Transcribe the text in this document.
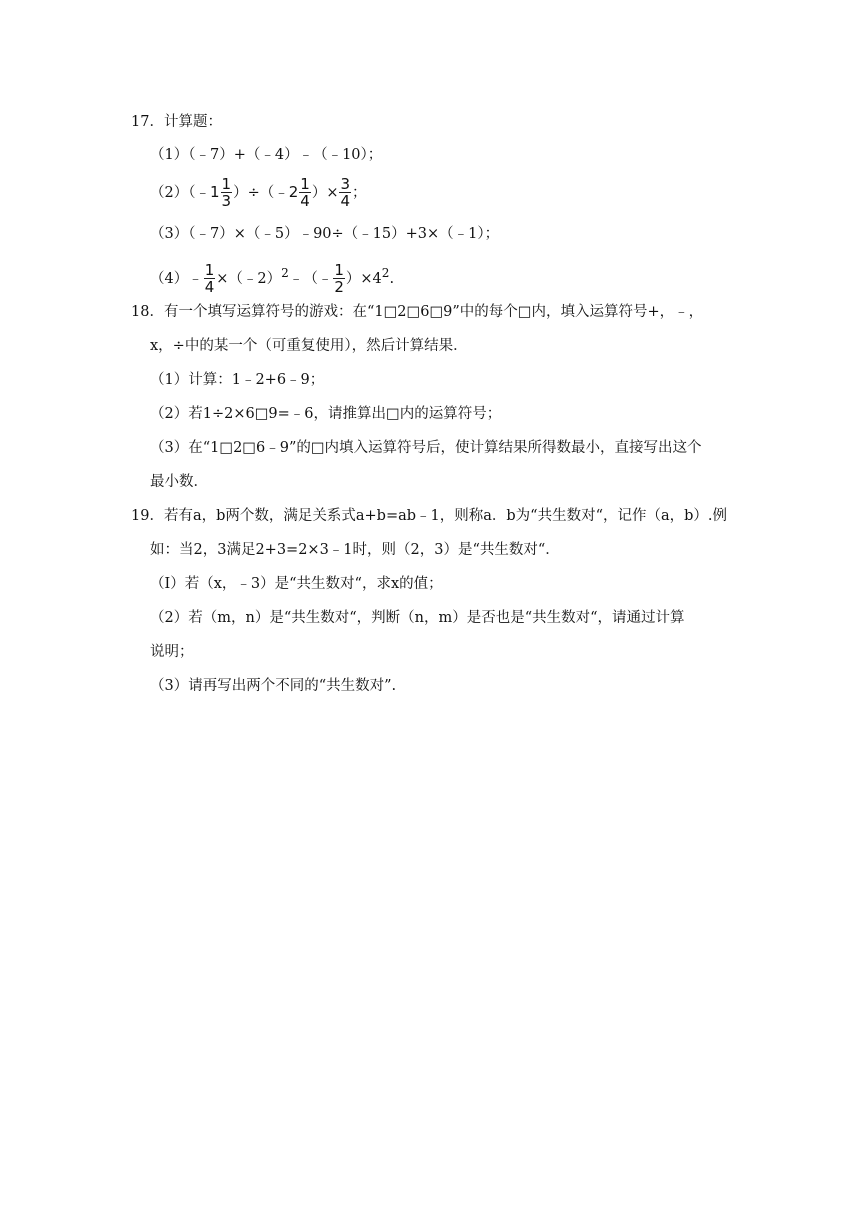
17．计算题：
（1）（﹣7）+（﹣4）﹣（﹣10）；
（2）（﹣1 $\frac{1}{3}$ ）÷（﹣2 $\frac{1}{4}$ ）× $\frac{3}{4}$ ；
（3）（﹣7）×（﹣5）﹣90÷（﹣15）+3×（﹣1）；
（4）﹣ $\frac{1}{4}$ ×（﹣2）$^2$﹣（﹣ $\frac{1}{2} )\times 4^2$.
18．有一个填写运算符号的游戏：在“1□2□6□9”中的每个□内，填入运算符号+，﹣，
x，÷中的某一个（可重复使用），然后计算结果．
（1）计算：1﹣2+6﹣9；
（2）若1÷2×6□9=﹣6，请推算出□内的运算符号；
（3）在“1□2□6﹣9”的□内填入运算符号后，使计算结果所得数最小，直接写出这个
最小数．
19．若有a，b两个数，满足关系式a+b=ab﹣1，则称a．b为“共生数对“，记作（a，b）.例
如：当2，3满足2+3=2×3﹣1时，则（2，3）是“共生数对“．
（I）若（x，﹣3）是“共生数对“，求x的值；
（2）若（m，n）是“共生数对“，判断（n，m）是否也是“共生数对“，请通过计算
说明；
（3）请再写出两个不同的“共生数对”.
